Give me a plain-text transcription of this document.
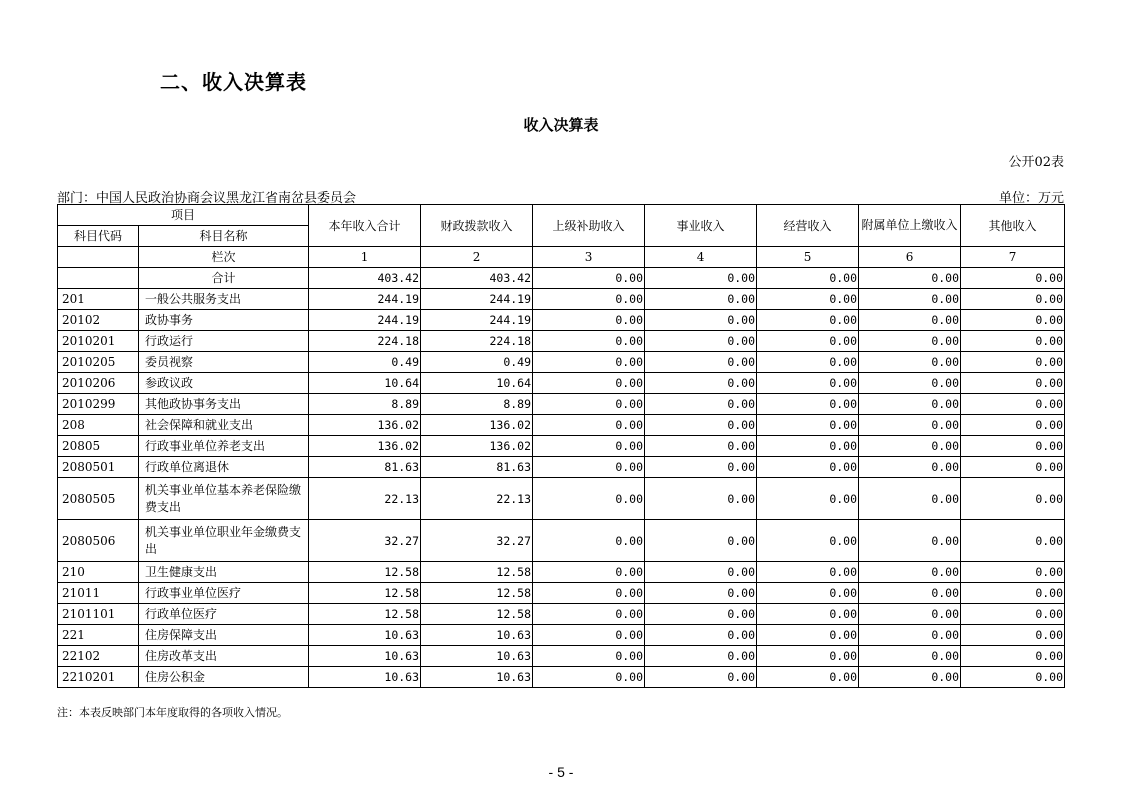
二、收入决算表
收入决算表
公开02表
部门：中国人民政治协商会议黑龙江省南岔县委员会	单位：万元
项目		本年收入合计	财政拨款收入	上级补助收入	事业收入	经营收入	附属单位上缴收入	其他收入
科目代码	科目名称							
	栏次	1	2	3	4	5	6	7
	合计	403.42	403.42	0.00	0.00	0.00	0.00	0.00
201	一般公共服务支出	244.19	244.19	0.00	0.00	0.00	0.00	0.00
20102	政协事务	244.19	244.19	0.00	0.00	0.00	0.00	0.00
2010201	行政运行	224.18	224.18	0.00	0.00	0.00	0.00	0.00
2010205	委员视察	0.49	0.49	0.00	0.00	0.00	0.00	0.00
2010206	参政议政	10.64	10.64	0.00	0.00	0.00	0.00	0.00
2010299	其他政协事务支出	8.89	8.89	0.00	0.00	0.00	0.00	0.00
208	社会保障和就业支出	136.02	136.02	0.00	0.00	0.00	0.00	0.00
20805	行政事业单位养老支出	136.02	136.02	0.00	0.00	0.00	0.00	0.00
2080501	行政单位离退休	81.63	81.63	0.00	0.00	0.00	0.00	0.00
2080505	机关事业单位基本养老保险缴费支出	22.13	22.13	0.00	0.00	0.00	0.00	0.00
2080506	机关事业单位职业年金缴费支出	32.27	32.27	0.00	0.00	0.00	0.00	0.00
210	卫生健康支出	12.58	12.58	0.00	0.00	0.00	0.00	0.00
21011	行政事业单位医疗	12.58	12.58	0.00	0.00	0.00	0.00	0.00
2101101	行政单位医疗	12.58	12.58	0.00	0.00	0.00	0.00	0.00
221	住房保障支出	10.63	10.63	0.00	0.00	0.00	0.00	0.00
22102	住房改革支出	10.63	10.63	0.00	0.00	0.00	0.00	0.00
2210201	住房公积金	10.63	10.63	0.00	0.00	0.00	0.00	0.00
注：本表反映部门本年度取得的各项收入情况。
- 5 -
